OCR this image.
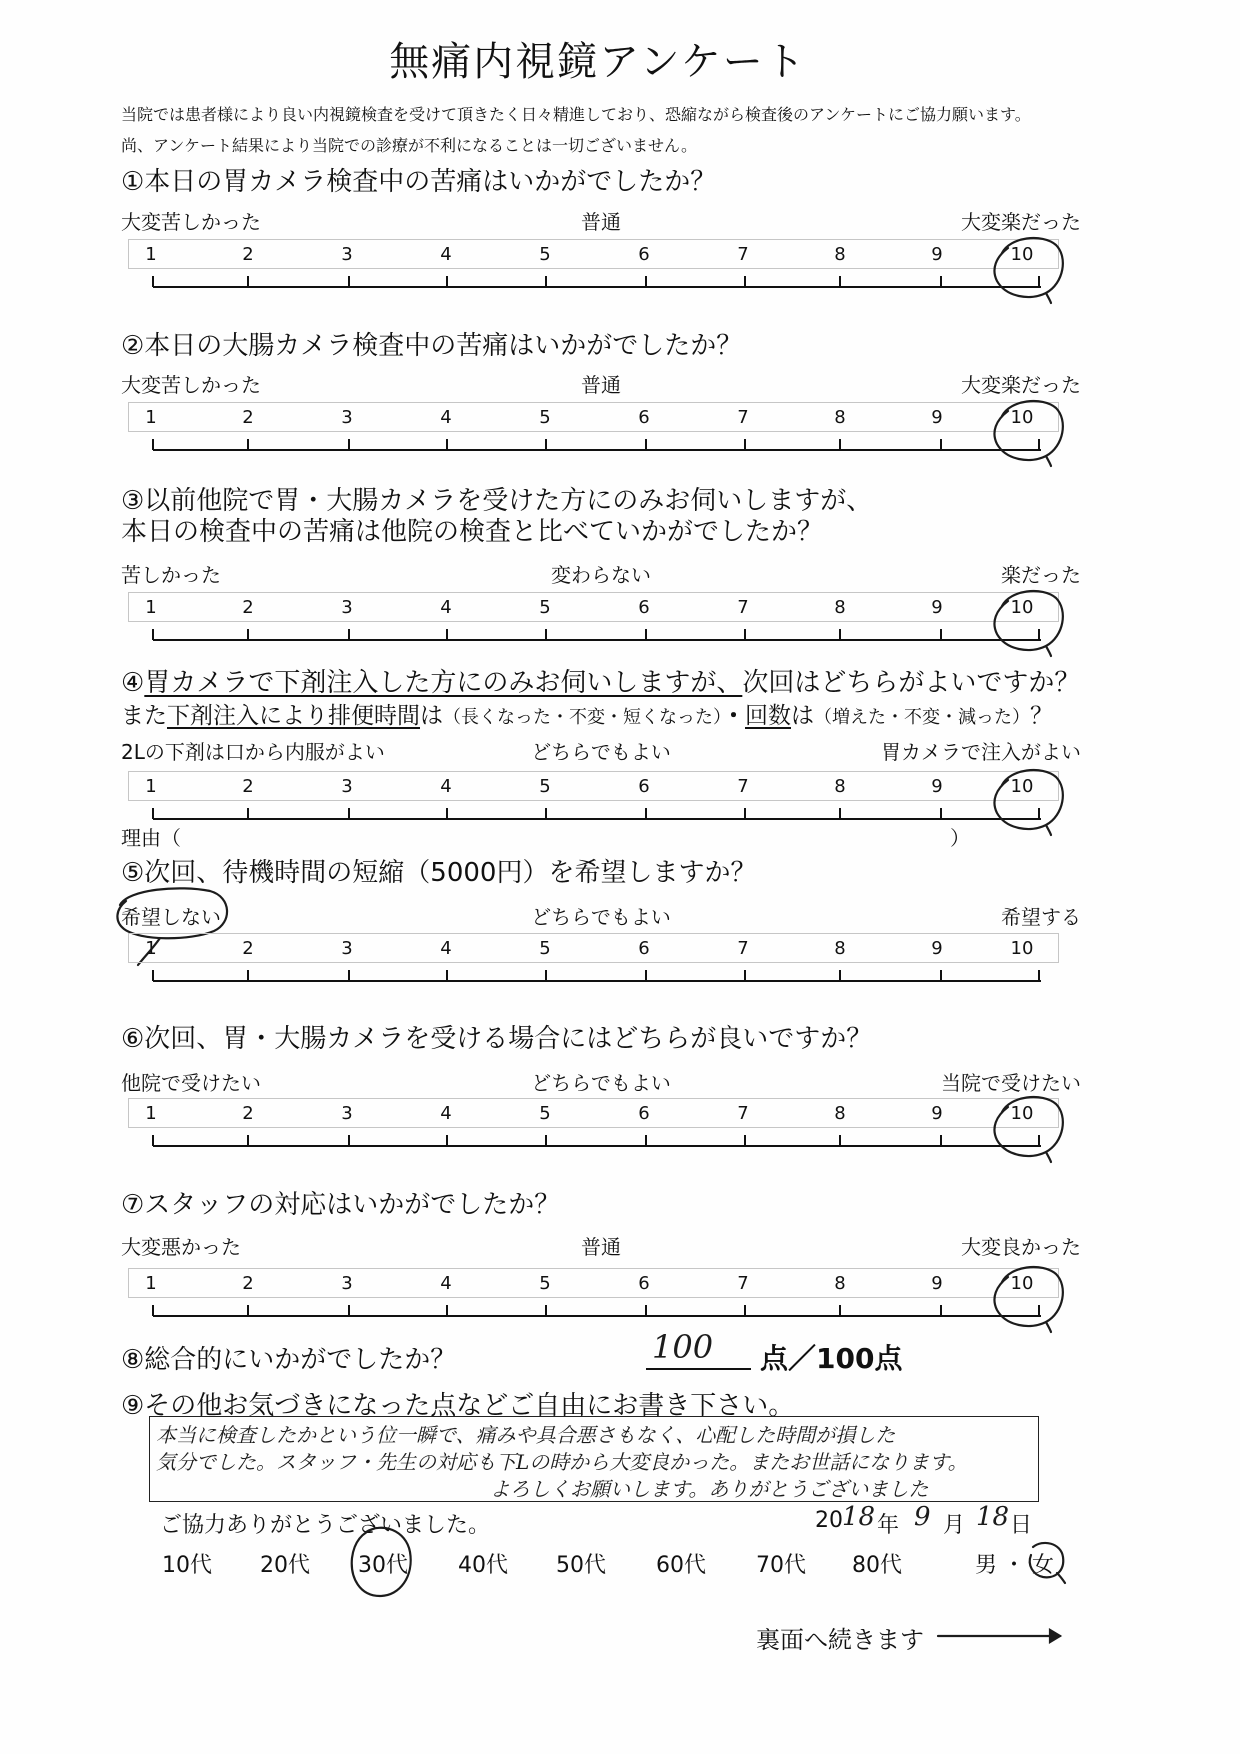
無痛内視鏡アンケート
当院では患者様により良い内視鏡検査を受けて頂きたく日々精進しており、恐縮ながら検査後のアンケートにご協力願います。
尚、アンケート結果により当院での診療が不利になることは一切ございません。
①本日の胃カメラ検査中の苦痛はいかがでしたか？
大変苦しかった	普通	大変楽だった
1	2	3	4	5	6	7	8	9	10
②本日の大腸カメラ検査中の苦痛はいかがでしたか？
大変苦しかった	普通	大変楽だった
1	2	3	4	5	6	7	8	9	10
③以前他院で胃・大腸カメラを受けた方にのみお伺いしますが、
本日の検査中の苦痛は他院の検査と比べていかがでしたか？
苦しかった	変わらない	楽だった
1	2	3	4	5	6	7	8	9	10
④胃カメラで下剤注入した方にのみお伺いしますが、次回はどちらがよいですか？
また下剤注入により排便時間は（長くなった・不変・短くなった）・回数は（増えた・不変・減った）？
2Lの下剤は口から内服がよい	どちらでもよい	胃カメラで注入がよい
1	2	3	4	5	6	7	8	9	10
理由（	）
⑤次回、待機時間の短縮（5000円）を希望しますか？
希望しない	どちらでもよい	希望する
1	2	3	4	5	6	7	8	9	10
⑥次回、胃・大腸カメラを受ける場合にはどちらが良いですか？
他院で受けたい	どちらでもよい	当院で受けたい
1	2	3	4	5	6	7	8	9	10
⑦スタッフの対応はいかがでしたか？
大変悪かった	普通	大変良かった
1	2	3	4	5	6	7	8	9	10
⑧総合的にいかがでしたか？	100 点／100点
⑨その他お気づきになった点などご自由にお書き下さい。
本当に検査したかという位一瞬で、痛みや具合悪さもなく、心配した時間が損した
気分でした。スタッフ・先生の対応も下Lの時から大変良かった。またお世話になります。
よろしくお願いします。ありがとうございました
ご協力ありがとうございました。	20 18 年 9 月 18 日
10代 20代 30代 40代 50代 60代 70代 80代	男 ・ 女
裏面へ続きます
